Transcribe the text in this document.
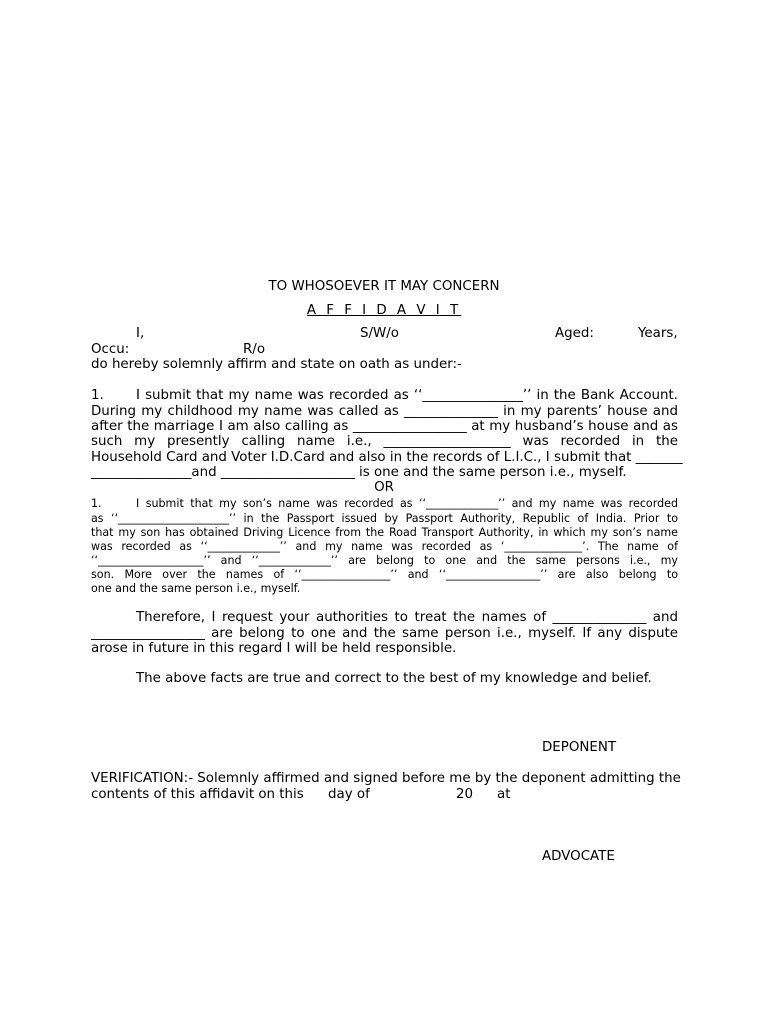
TO WHOSOEVER IT MAY CONCERN
A F F I D A V I T
I,	S/W/o	Aged:	Years,
Occu:	R/o
do hereby solemnly affirm and state on oath as under:-
1. I submit that my name was recorded as ‘‘_______________’’ in the Bank Account.
During my childhood my name was called as ______________ in my parents’ house and
after the marriage I am also calling as _________________ at my husband’s house and as
such my presently calling name i.e., ___________________ was recorded in the
Household Card and Voter I.D.Card and also in the records of L.I.C., I submit that _______
_______________and ____________________ is one and the same person i.e., myself.
OR
1.	I submit that my son’s name was recorded as ‘‘_____________’’ and my name was recorded
as ‘‘____________________’’ in the Passport issued by Passport Authority, Republic of India. Prior to
that my son has obtained Driving Licence from the Road Transport Authority, in which my son’s name
was recorded as ‘‘_____________’’ and my name was recorded as ‘______________’. The name of
‘‘___________________’’ and ‘‘_____________’’ are belong to one and the same persons i.e., my
son. More over the names of ‘‘________________’’ and ‘‘_________________’’ are also belong to
one and the same person i.e., myself.
Therefore, I request your authorities to treat the names of ______________ and
_________________ are belong to one and the same person i.e., myself. If any dispute
arose in future in this regard I will be held responsible.
The above facts are true and correct to the best of my knowledge and belief.
DEPONENT
VERIFICATION:- Solemnly affirmed and signed before me by the deponent admitting the
contents of this affidavit on this day of	20 at
ADVOCATE
